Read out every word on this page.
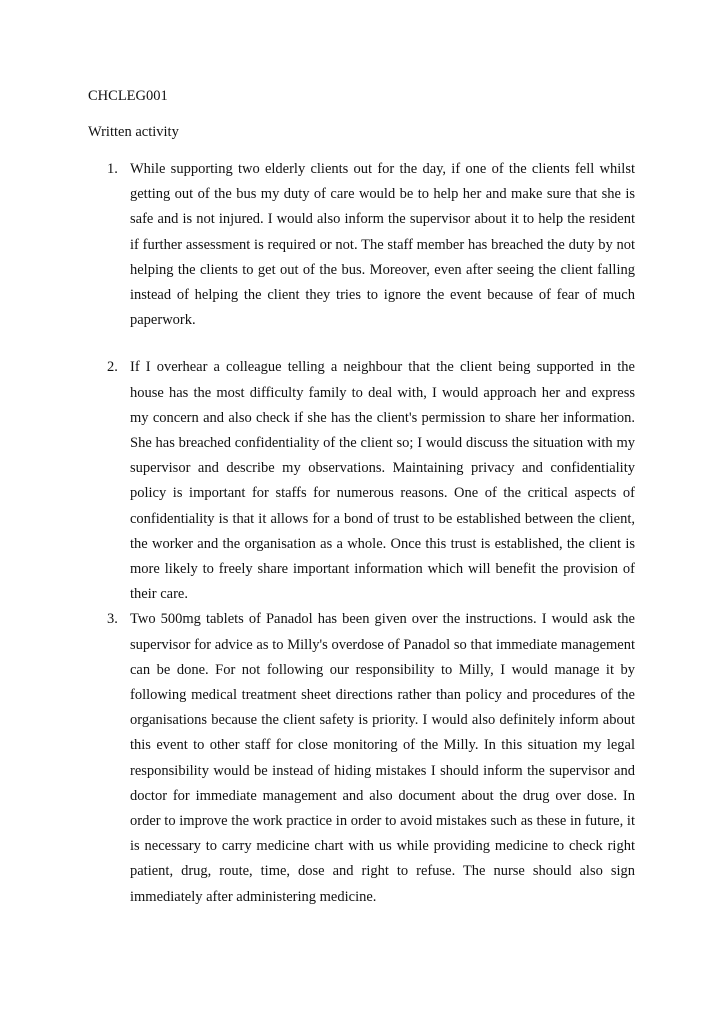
CHCLEG001

Written activity

1. While supporting two elderly clients out for the day, if one of the clients fell whilst getting out of the bus my duty of care would be to help her and make sure that she is safe and is not injured. I would also inform the supervisor about it to help the resident if further assessment is required or not. The staff member has breached the duty by not helping the clients to get out of the bus. Moreover, even after seeing the client falling instead of helping the client they tries to ignore the event because of fear of much paperwork.
2. If I overhear a colleague telling a neighbour that the client being supported in the house has the most difficulty family to deal with, I would approach her and express my concern and also check if she has the client's permission to share her information. She has breached confidentiality of the client so; I would discuss the situation with my supervisor and describe my observations. Maintaining privacy and confidentiality policy is important for staffs for numerous reasons. One of the critical aspects of confidentiality is that it allows for a bond of trust to be established between the client, the worker and the organisation as a whole. Once this trust is established, the client is more likely to freely share important information which will benefit the provision of their care.
3. Two 500mg tablets of Panadol has been given over the instructions. I would ask the supervisor for advice as to Milly's overdose of Panadol so that immediate management can be done. For not following our responsibility to Milly, I would manage it by following medical treatment sheet directions rather than policy and procedures of the organisations because the client safety is priority. I would also definitely inform about this event to other staff for close monitoring of the Milly. In this situation my legal responsibility would be instead of hiding mistakes I should inform the supervisor and doctor for immediate management and also document about the drug over dose. In order to improve the work practice in order to avoid mistakes such as these in future, it is necessary to carry medicine chart with us while providing medicine to check right patient, drug, route, time, dose and right to refuse. The nurse should also sign immediately after administering medicine.
